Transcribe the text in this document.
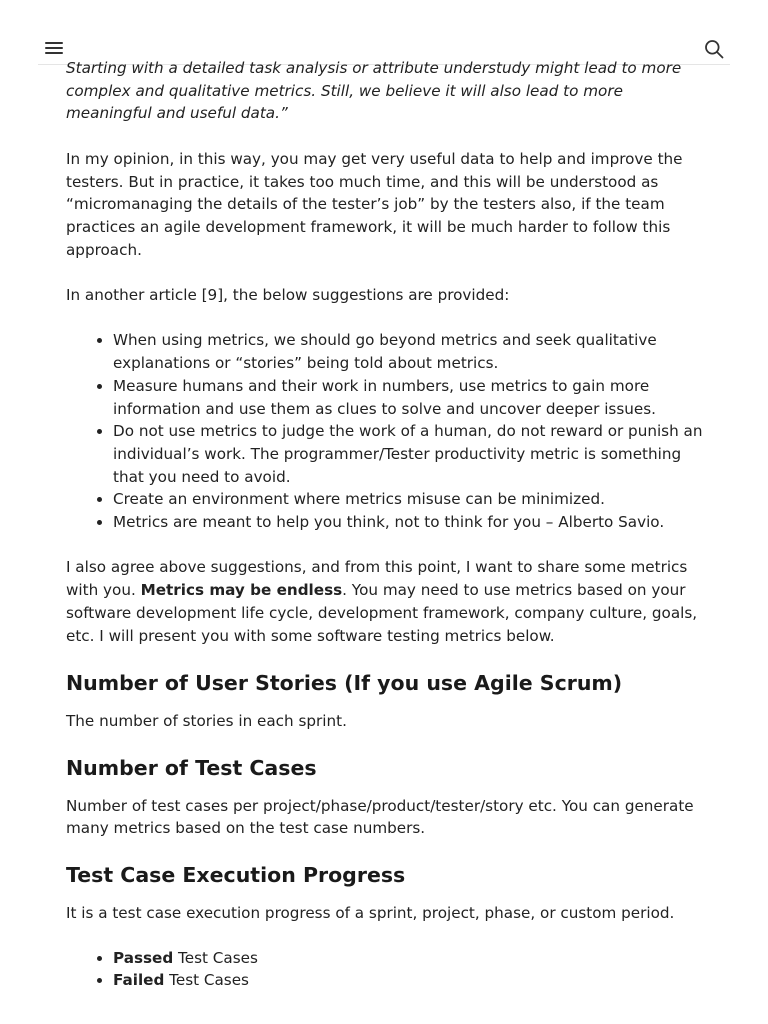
Starting with a detailed task analysis or attribute understudy might lead to more complex and qualitative metrics. Still, we believe it will also lead to more meaningful and useful data.”

In my opinion, in this way, you may get very useful data to help and improve the testers. But in practice, it takes too much time, and this will be understood as “micromanaging the details of the tester’s job” by the testers also, if the team practices an agile development framework, it will be much harder to follow this approach.

In another article [9], the below suggestions are provided:

• When using metrics, we should go beyond metrics and seek qualitative explanations or “stories” being told about metrics.
• Measure humans and their work in numbers, use metrics to gain more information and use them as clues to solve and uncover deeper issues.
• Do not use metrics to judge the work of a human, do not reward or punish an individual’s work. The programmer/Tester productivity metric is something that you need to avoid.
• Create an environment where metrics misuse can be minimized.
• Metrics are meant to help you think, not to think for you – Alberto Savio.

I also agree above suggestions, and from this point, I want to share some metrics with you. Metrics may be endless. You may need to use metrics based on your software development life cycle, development framework, company culture, goals, etc. I will present you with some software testing metrics below.

Number of User Stories (If you use Agile Scrum)

The number of stories in each sprint.

Number of Test Cases

Number of test cases per project/phase/product/tester/story etc. You can generate many metrics based on the test case numbers.

Test Case Execution Progress

It is a test case execution progress of a sprint, project, phase, or custom period.

• Passed Test Cases
• Failed Test Cases
